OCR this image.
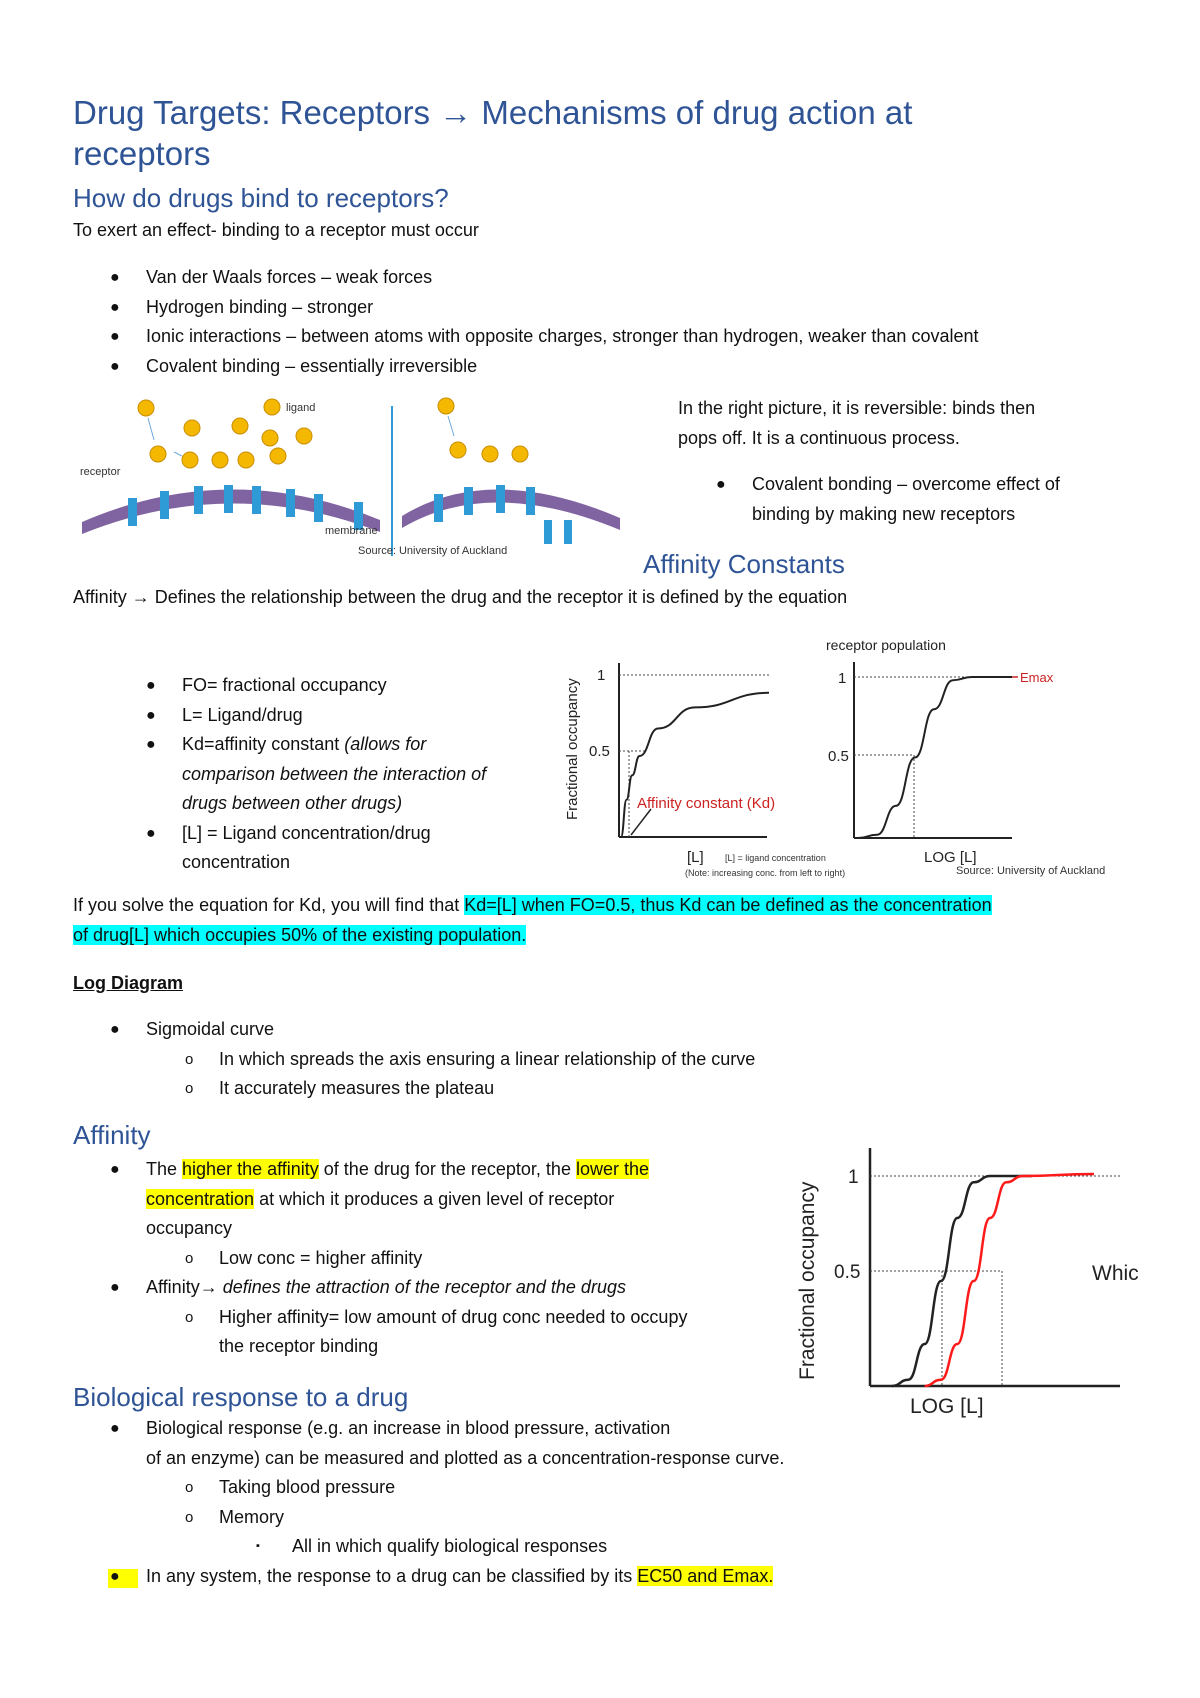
Drug Targets: Receptors → Mechanisms of drug action at receptors
How do drugs bind to receptors?
To exert an effect- binding to a receptor must occur
● Van der Waals forces – weak forces
● Hydrogen binding – stronger
● Ionic interactions – between atoms with opposite charges, stronger than hydrogen, weaker than covalent
● Covalent binding – essentially irreversible
ligand
receptor
membrane
Source: University of Auckland
In the right picture, it is reversible: binds then
pops off. It is a continuous process.
● Covalent bonding – overcome effect of
binding by making new receptors
Affinity Constants
Affinity → Defines the relationship between the drug and the receptor it is defined by the equation
● FO= fractional occupancy
● L= Ligand/drug
● Kd=affinity constant (allows for
comparison between the interaction of
drugs between other drugs)
● [L] = Ligand concentration/drug
concentration
Fractional occupancy
1
0.5
Affinity constant (Kd)
[L] [L] = ligand concentration
(Note: increasing conc. from left to right)
receptor population
1
0.5
Emax
LOG [L]
Source: University of Auckland
If you solve the equation for Kd, you will find that Kd=[L] when FO=0.5, thus Kd can be defined as the concentration
of drug[L] which occupies 50% of the existing population.
Log Diagram
● Sigmoidal curve
o In which spreads the axis ensuring a linear relationship of the curve
o It accurately measures the plateau
Affinity
● The higher the affinity of the drug for the receptor, the lower the
concentration at which it produces a given level of receptor
occupancy
o Low conc = higher affinity
● Affinity→ defines the attraction of the receptor and the drugs
o Higher affinity= low amount of drug conc needed to occupy
the receptor binding	Fractional occupancy
1
0.5
LOG [L]
Whic
Biological response to a drug
● Biological response (e.g. an increase in blood pressure, activation
of an enzyme) can be measured and plotted as a concentration-response curve.
o Taking blood pressure
o Memory
▪ All in which qualify biological responses
● In any system, the response to a drug can be classified by its EC50 and Emax.
